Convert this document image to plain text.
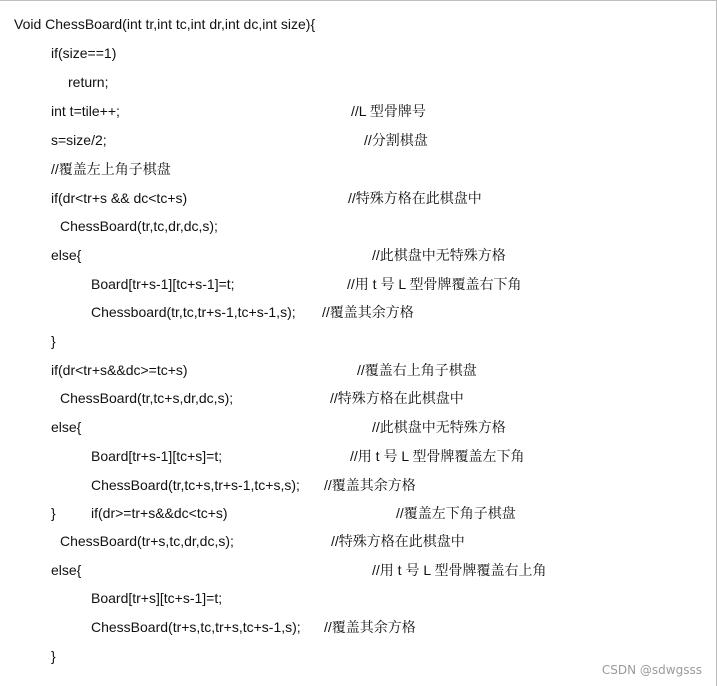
Void ChessBoard(int tr,int tc,int dr,int dc,int size){
if(size==1)
return;
int t=tile++;	//L 型骨牌号
s=size/2;	//分割棋盘
//覆盖左上角子棋盘
if(dr<tr+s && dc<tc+s)	//特殊方格在此棋盘中
ChessBoard(tr,tc,dr,dc,s);
else{	//此棋盘中无特殊方格
Board[tr+s-1][tc+s-1]=t;	//用 t 号 L 型骨牌覆盖右下角
Chessboard(tr,tc,tr+s-1,tc+s-1,s); //覆盖其余方格
}
if(dr<tr+s&&dc>=tc+s)	//覆盖右上角子棋盘
ChessBoard(tr,tc+s,dr,dc,s);	//特殊方格在此棋盘中
else{	//此棋盘中无特殊方格
Board[tr+s-1][tc+s]=t;	//用 t 号 L 型骨牌覆盖左下角
ChessBoard(tr,tc+s,tr+s-1,tc+s,s); //覆盖其余方格
}	if(dr>=tr+s&&dc<tc+s)	//覆盖左下角子棋盘
ChessBoard(tr+s,tc,dr,dc,s);	//特殊方格在此棋盘中
else{	//用 t 号 L 型骨牌覆盖右上角
Board[tr+s][tc+s-1]=t;
ChessBoard(tr+s,tc,tr+s,tc+s-1,s); //覆盖其余方格
}
CSDN @sdwgsss
